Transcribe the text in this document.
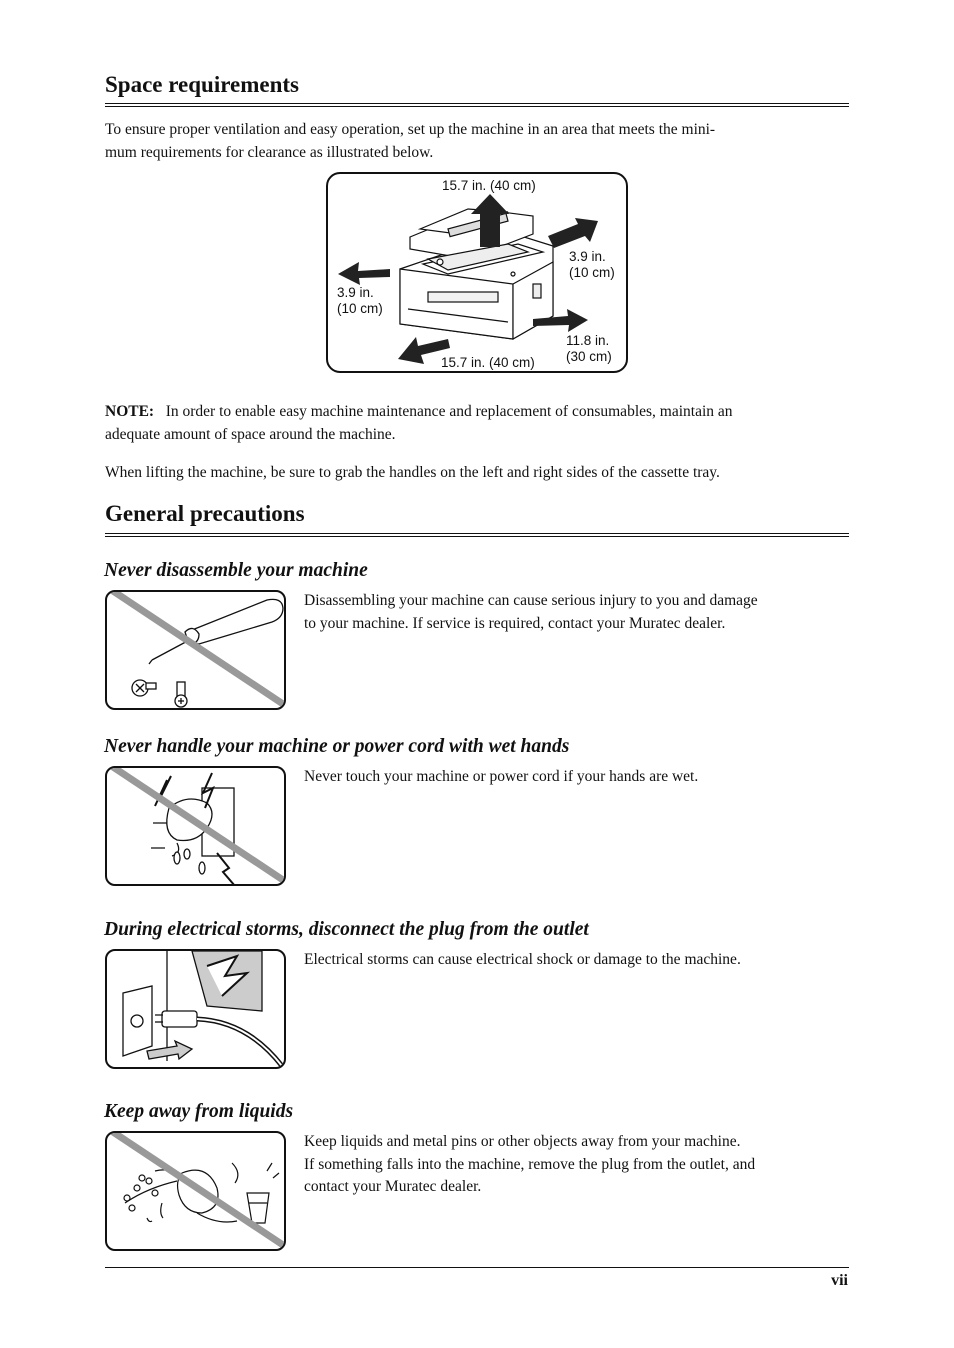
Space requirements
To ensure proper ventilation and easy operation, set up the machine in an area that meets the mini-
mum requirements for clearance as illustrated below.
15.7 in. (40 cm)
3.9 in.
(10 cm)
3.9 in.
(10 cm)
11.8 in.
(30 cm)
15.7 in. (40 cm)
NOTE: In order to enable easy machine maintenance and replacement of consumables, maintain an
adequate amount of space around the machine.
When lifting the machine, be sure to grab the handles on the left and right sides of the cassette tray.
General precautions
Never disassemble your machine
Disassembling your machine can cause serious injury to you and damage
to your machine. If service is required, contact your Muratec dealer.
Never handle your machine or power cord with wet hands
Never touch your machine or power cord if your hands are wet.
During electrical storms, disconnect the plug from the outlet
Electrical storms can cause electrical shock or damage to the machine.
Keep away from liquids
Keep liquids and metal pins or other objects away from your machine.
If something falls into the machine, remove the plug from the outlet, and
contact your Muratec dealer.
vii
